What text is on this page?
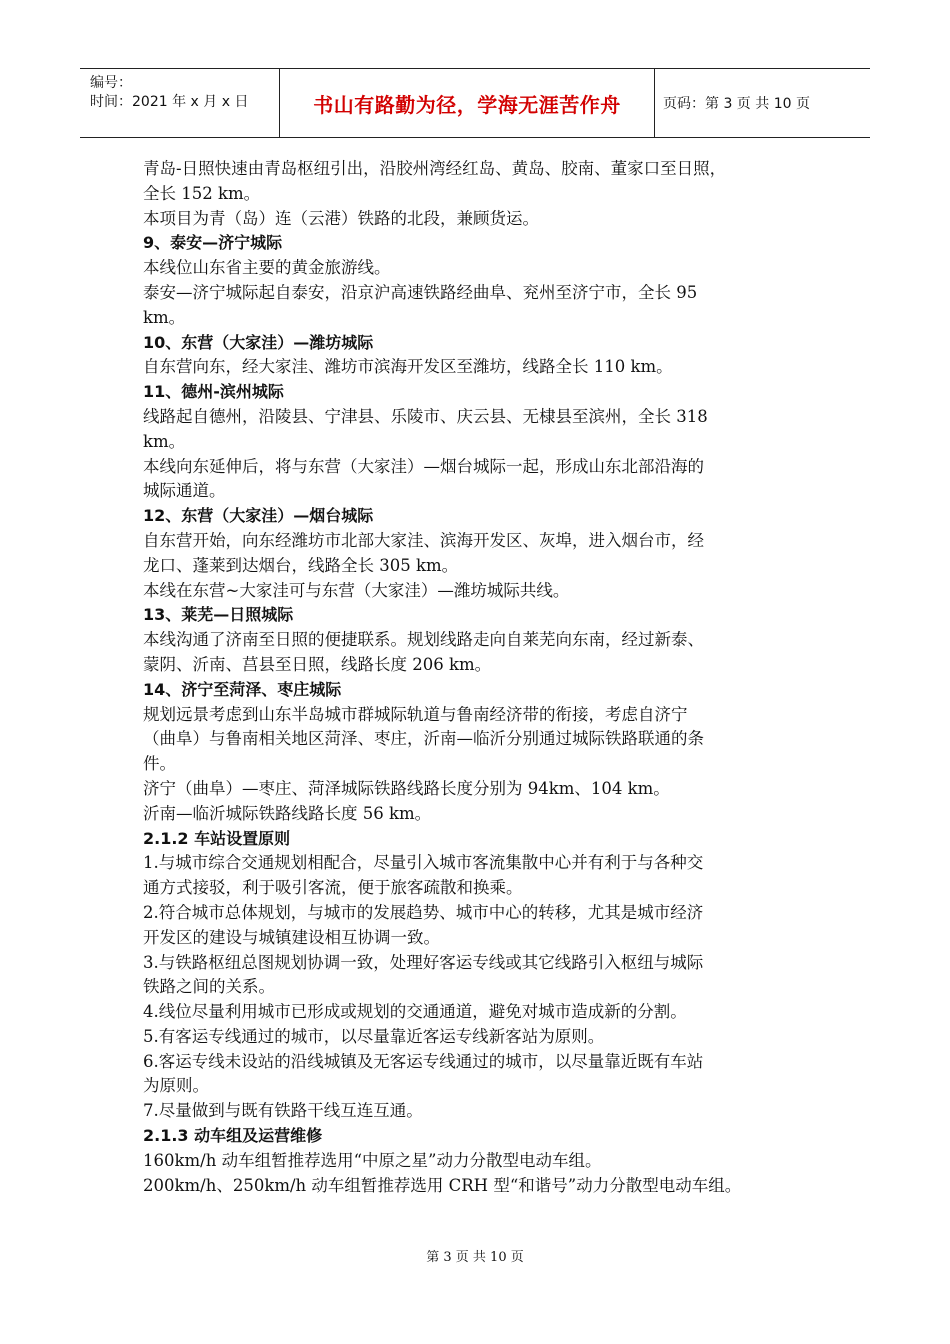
编号：
时间：2021 年 x 月 x 日	书山有路勤为径，学海无涯苦作舟	页码：第 3 页 共 10 页

青岛-日照快速由青岛枢纽引出，沿胶州湾经红岛、黄岛、胶南、董家口至日照，

全长 152 km。

本项目为青（岛）连（云港）铁路的北段，兼顾货运。

9、泰安—济宁城际

本线位山东省主要的黄金旅游线。

泰安—济宁城际起自泰安，沿京沪高速铁路经曲阜、兖州至济宁市，全长 95

km。

10、东营（大家洼）—潍坊城际

自东营向东，经大家洼、潍坊市滨海开发区至潍坊，线路全长 110 km。

11、德州-滨州城际

线路起自德州，沿陵县、宁津县、乐陵市、庆云县、无棣县至滨州，全长 318

km。

本线向东延伸后，将与东营（大家洼）—烟台城际一起，形成山东北部沿海的

城际通道。

12、东营（大家洼）—烟台城际

自东营开始，向东经潍坊市北部大家洼、滨海开发区、灰埠，进入烟台市，经

龙口、蓬莱到达烟台，线路全长 305 km。

本线在东营~大家洼可与东营（大家洼）—潍坊城际共线。

13、莱芜—日照城际

本线沟通了济南至日照的便捷联系。规划线路走向自莱芜向东南，经过新泰、

蒙阴、沂南、莒县至日照，线路长度 206 km。

14、济宁至菏泽、枣庄城际

规划远景考虑到山东半岛城市群城际轨道与鲁南经济带的衔接，考虑自济宁

（曲阜）与鲁南相关地区菏泽、枣庄，沂南—临沂分别通过城际铁路联通的条

件。

济宁（曲阜）—枣庄、菏泽城际铁路线路长度分别为 94km、104 km。

沂南—临沂城际铁路线路长度 56 km。

2.1.2 车站设置原则

1.与城市综合交通规划相配合，尽量引入城市客流集散中心并有利于与各种交

通方式接驳，利于吸引客流，便于旅客疏散和换乘。

2.符合城市总体规划，与城市的发展趋势、城市中心的转移，尤其是城市经济

开发区的建设与城镇建设相互协调一致。

3.与铁路枢纽总图规划协调一致，处理好客运专线或其它线路引入枢纽与城际

铁路之间的关系。

4.线位尽量利用城市已形成或规划的交通通道，避免对城市造成新的分割。

5.有客运专线通过的城市，以尽量靠近客运专线新客站为原则。

6.客运专线未设站的沿线城镇及无客运专线通过的城市，以尽量靠近既有车站

为原则。

7.尽量做到与既有铁路干线互连互通。

2.1.3 动车组及运营维修

160km/h 动车组暂推荐选用“中原之星”动力分散型电动车组。

200km/h、250km/h 动车组暂推荐选用 CRH 型“和谐号”动力分散型电动车组。

第 3 页 共 10 页
